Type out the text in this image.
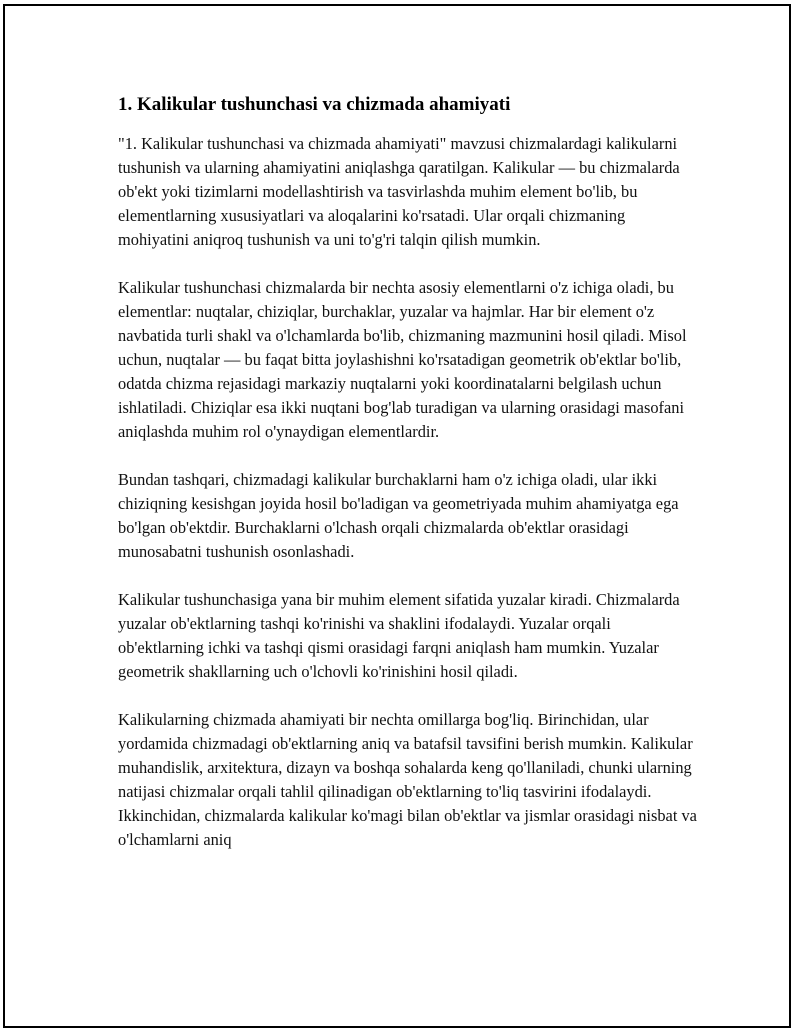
1. Kalikular tushunchasi va chizmada ahamiyati

"1. Kalikular tushunchasi va chizmada ahamiyati" mavzusi chizmalardagi kalikularni tushunish va ularning ahamiyatini aniqlashga qaratilgan. Kalikular — bu chizmalarda ob'ekt yoki tizimlarni modellashtirish va tasvirlashda muhim element bo'lib, bu elementlarning xususiyatlari va aloqalarini ko'rsatadi. Ular orqali chizmaning mohiyatini aniqroq tushunish va uni to'g'ri talqin qilish mumkin.

Kalikular tushunchasi chizmalarda bir nechta asosiy elementlarni o'z ichiga oladi, bu elementlar: nuqtalar, chiziqlar, burchaklar, yuzalar va hajmlar. Har bir element o'z navbatida turli shakl va o'lchamlarda bo'lib, chizmaning mazmunini hosil qiladi. Misol uchun, nuqtalar — bu faqat bitta joylashishni ko'rsatadigan geometrik ob'ektlar bo'lib, odatda chizma rejasidagi markaziy nuqtalarni yoki koordinatalarni belgilash uchun ishlatiladi. Chiziqlar esa ikki nuqtani bog'lab turadigan va ularning orasidagi masofani aniqlashda muhim rol o'ynaydigan elementlardir.

Bundan tashqari, chizmadagi kalikular burchaklarni ham o'z ichiga oladi, ular ikki chiziqning kesishgan joyida hosil bo'ladigan va geometriyada muhim ahamiyatga ega bo'lgan ob'ektdir. Burchaklarni o'lchash orqali chizmalarda ob'ektlar orasidagi munosabatni tushunish osonlashadi.

Kalikular tushunchasiga yana bir muhim element sifatida yuzalar kiradi. Chizmalarda yuzalar ob'ektlarning tashqi ko'rinishi va shaklini ifodalaydi. Yuzalar orqali ob'ektlarning ichki va tashqi qismi orasidagi farqni aniqlash ham mumkin. Yuzalar geometrik shakllarning uch o'lchovli ko'rinishini hosil qiladi.

Kalikularning chizmada ahamiyati bir nechta omillarga bog'liq. Birinchidan, ular yordamida chizmadagi ob'ektlarning aniq va batafsil tavsifini berish mumkin. Kalikular muhandislik, arxitektura, dizayn va boshqa sohalarda keng qo'llaniladi, chunki ularning natijasi chizmalar orqali tahlil qilinadigan ob'ektlarning to'liq tasvirini ifodalaydi. Ikkinchidan, chizmalarda kalikular ko'magi bilan ob'ektlar va jismlar orasidagi nisbat va o'lchamlarni aniq
